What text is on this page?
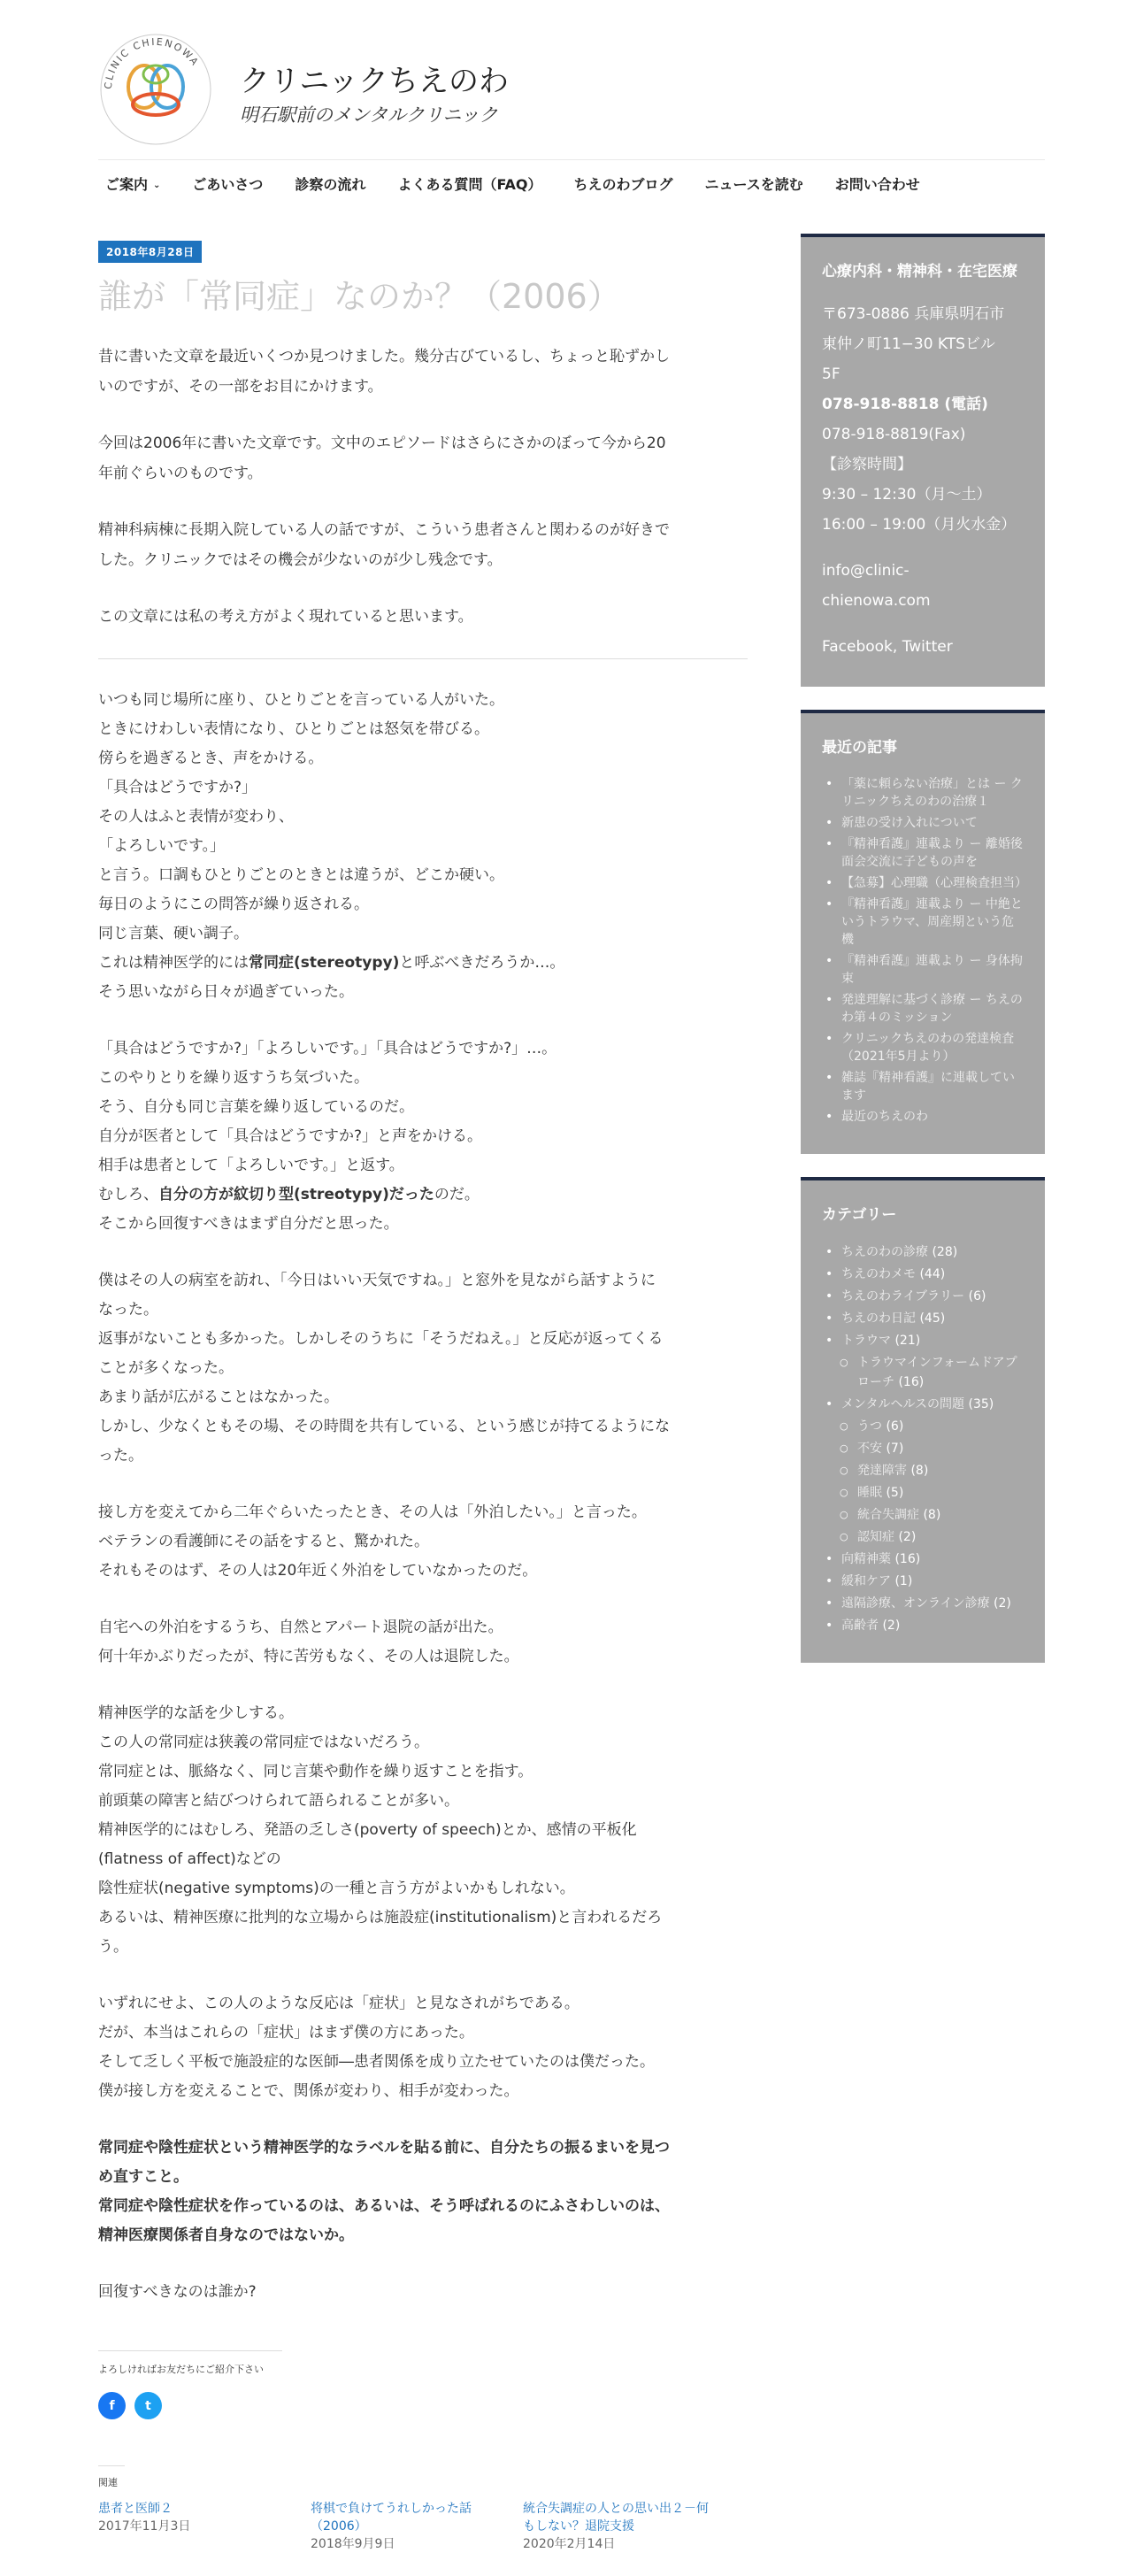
CLINIC CHIENOWA
クリニックちえのわ
明石駅前のメンタルクリニック
ご案内 ⌄ ごあいさつ 診察の流れ よくある質問（FAQ） ちえのわブログ ニュースを読む お問い合わせ
2018年8月28日
誰が「常同症」なのか？（2006）

昔に書いた文章を最近いくつか見つけました。幾分古びているし、ちょっと恥ずかし
いのですが、その一部をお目にかけます。

今回は2006年に書いた文章です。文中のエピソードはさらにさかのぼって今から20
年前ぐらいのものです。

精神科病棟に長期入院している人の話ですが、こういう患者さんと関わるのが好きで
した。クリニックではその機会が少ないのが少し残念です。

この文章には私の考え方がよく現れていると思います。

いつも同じ場所に座り、ひとりごとを言っている人がいた。
ときにけわしい表情になり、ひとりごとは怒気を帯びる。
傍らを過ぎるとき、声をかける。
「具合はどうですか?」
その人はふと表情が変わり、
「よろしいです。」
と言う。口調もひとりごとのときとは違うが、どこか硬い。
毎日のようにこの問答が繰り返される。
同じ言葉、硬い調子。
これは精神医学的には常同症(stereotypy)と呼ぶべきだろうか…。
そう思いながら日々が過ぎていった。
「具合はどうですか?」「よろしいです。」「具合はどうですか?」…。
このやりとりを繰り返すうち気づいた。
そう、自分も同じ言葉を繰り返しているのだ。
自分が医者として「具合はどうですか?」と声をかける。
相手は患者として「よろしいです。」と返す。
むしろ、自分の方が紋切り型(streotypy)だったのだ。
そこから回復すべきはまず自分だと思った。
僕はその人の病室を訪れ、「今日はいい天気ですね。」と窓外を見ながら話すように
なった。
返事がないことも多かった。しかしそのうちに「そうだねえ。」と反応が返ってくる
ことが多くなった。
あまり話が広がることはなかった。
しかし、少なくともその場、その時間を共有している、という感じが持てるようにな
った。
接し方を変えてから二年ぐらいたったとき、その人は「外泊したい。」と言った。
ベテランの看護師にその話をすると、驚かれた。
それもそのはず、その人は20年近く外泊をしていなかったのだ。
自宅への外泊をするうち、自然とアパート退院の話が出た。
何十年かぶりだったが、特に苦労もなく、その人は退院した。
精神医学的な話を少しする。
この人の常同症は狭義の常同症ではないだろう。
常同症とは、脈絡なく、同じ言葉や動作を繰り返すことを指す。
前頭葉の障害と結びつけられて語られることが多い。
精神医学的にはむしろ、発語の乏しさ(poverty of speech)とか、感情の平板化
(flatness of affect)などの
陰性症状(negative symptoms)の一種と言う方がよいかもしれない。
あるいは、精神医療に批判的な立場からは施設症(institutionalism)と言われるだろ
う。
いずれにせよ、この人のような反応は「症状」と見なされがちである。
だが、本当はこれらの「症状」はまず僕の方にあった。
そして乏しく平板で施設症的な医師―患者関係を成り立たせていたのは僕だった。
僕が接し方を変えることで、関係が変わり、相手が変わった。
常同症や陰性症状という精神医学的なラベルを貼る前に、自分たちの振るまいを見つ
め直すこと。
常同症や陰性症状を作っているのは、あるいは、そう呼ばれるのにふさわしいのは、
精神医療関係者自身なのではないか。
回復すべきなのは誰か?
よろしければお友だちにご紹介下さい
f t
関連
患者と医師２
2017年11月3日
将棋で負けてうれしかった話
（2006）
2018年9月9日
統合失調症の人との思い出２－何
もしない？退院支援
2020年2月14日
心療内科・精神科・在宅医療

〒673-0886 兵庫県明石市
東仲ノ町11−30 KTSビル
5F

078-918-8818 (電話)

078-918-8819(Fax)

【診察時間】

9:30 – 12:30（月〜土）
16:00 – 19:00（月火水金）

info@clinic-
chienowa.com

Facebook, Twitter

最近の記事
• 「薬に頼らない治療」とは ー クリニックちえのわの治療１
• 新患の受け入れについて
• 『精神看護』連載より ー 離婚後面会交流に子どもの声を
• 【急募】心理職（心理検査担当）
• 『精神看護』連載より ー 中絶というトラウマ、周産期という危機
• 『精神看護』連載より ー 身体拘束
• 発達理解に基づく診療 ー ちえのわ第４のミッション
• クリニックちえのわの発達検査（2021年5月より）
• 雑誌『精神看護』に連載しています
• 最近のちえのわ
カテゴリー
• ちえのわの診療 (28)
• ちえのわメモ (44)
• ちえのわライブラリー (6)
• ちえのわ日記 (45)
• トラウマ (21)
○ トラウマインフォームドアプローチ (16)
• メンタルヘルスの問題 (35)
○ うつ (6)
○ 不安 (7)
○ 発達障害 (8)
○ 睡眠 (5)
○ 統合失調症 (8)
○ 認知症 (2)
• 向精神薬 (16)
• 緩和ケア (1)
• 遠隔診療、オンライン診療 (2)
• 高齢者 (2)
